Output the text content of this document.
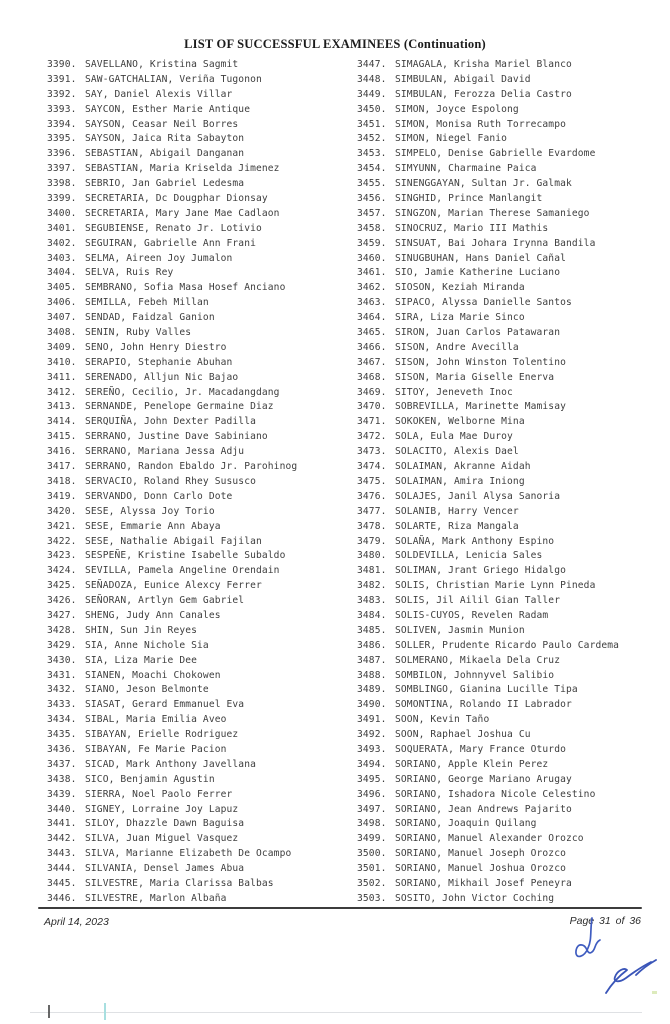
LIST OF SUCCESSFUL EXAMINEES (Continuation)
3390. SAVELLANO, Kristina Sagmit
3391. SAW-GATCHALIAN, Veriña Tugonon
3392. SAY, Daniel Alexis Villar
3393. SAYCON, Esther Marie Antique
3394. SAYSON, Ceasar Neil Borres
3395. SAYSON, Jaica Rita Sabayton
3396. SEBASTIAN, Abigail Danganan
3397. SEBASTIAN, Maria Kriselda Jimenez
3398. SEBRIO, Jan Gabriel Ledesma
3399. SECRETARIA, Dc Dougphar Dionsay
3400. SECRETARIA, Mary Jane Mae Cadlaon
3401. SEGUBIENSE, Renato Jr. Lotivio
3402. SEGUIRAN, Gabrielle Ann Frani
3403. SELMA, Aireen Joy Jumalon
3404. SELVA, Ruis Rey
3405. SEMBRANO, Sofia Masa Hosef Anciano
3406. SEMILLA, Febeh Millan
3407. SENDAD, Faidzal Ganion
3408. SENIN, Ruby Valles
3409. SENO, John Henry Diestro
3410. SERAPIO, Stephanie Abuhan
3411. SERENADO, Alljun Nic Bajao
3412. SEREÑO, Cecilio, Jr. Macadangdang
3413. SERNANDE, Penelope Germaine Diaz
3414. SERQUIÑA, John Dexter Padilla
3415. SERRANO, Justine Dave Sabiniano
3416. SERRANO, Mariana Jessa Adju
3417. SERRANO, Randon Ebaldo Jr. Parohinog
3418. SERVACIO, Roland Rhey Sususco
3419. SERVANDO, Donn Carlo Dote
3420. SESE, Alyssa Joy Torio
3421. SESE, Emmarie Ann Abaya
3422. SESE, Nathalie Abigail Fajilan
3423. SESPEÑE, Kristine Isabelle Subaldo
3424. SEVILLA, Pamela Angeline Orendain
3425. SEÑADOZA, Eunice Alexcy Ferrer
3426. SEÑORAN, Artlyn Gem Gabriel
3427. SHENG, Judy Ann Canales
3428. SHIN, Sun Jin Reyes
3429. SIA, Anne Nichole Sia
3430. SIA, Liza Marie Dee
3431. SIANEN, Moachi Chokowen
3432. SIANO, Jeson Belmonte
3433. SIASAT, Gerard Emmanuel Eva
3434. SIBAL, Maria Emilia Aveo
3435. SIBAYAN, Erielle Rodriguez
3436. SIBAYAN, Fe Marie Pacion
3437. SICAD, Mark Anthony Javellana
3438. SICO, Benjamin Agustin
3439. SIERRA, Noel Paolo Ferrer
3440. SIGNEY, Lorraine Joy Lapuz
3441. SILOY, Dhazzle Dawn Baguisa
3442. SILVA, Juan Miguel Vasquez
3443. SILVA, Marianne Elizabeth De Ocampo
3444. SILVANIA, Densel James Abua
3445. SILVESTRE, Maria Clarissa Balbas
3446. SILVESTRE, Marlon Albaña
3447. SIMAGALA, Krisha Mariel Blanco
3448. SIMBULAN, Abigail David
3449. SIMBULAN, Ferozza Delia Castro
3450. SIMON, Joyce Espolong
3451. SIMON, Monisa Ruth Torrecampo
3452. SIMON, Niegel Fanio
3453. SIMPELO, Denise Gabrielle Evardome
3454. SIMYUNN, Charmaine Paica
3455. SINENGGAYAN, Sultan Jr. Galmak
3456. SINGHID, Prince Manlangit
3457. SINGZON, Marian Therese Samaniego
3458. SINOCRUZ, Mario III Mathis
3459. SINSUAT, Bai Johara Irynna Bandila
3460. SINUGBUHAN, Hans Daniel Cañal
3461. SIO, Jamie Katherine Luciano
3462. SIOSON, Keziah Miranda
3463. SIPACO, Alyssa Danielle Santos
3464. SIRA, Liza Marie Sinco
3465. SIRON, Juan Carlos Patawaran
3466. SISON, Andre Avecilla
3467. SISON, John Winston Tolentino
3468. SISON, Maria Giselle Enerva
3469. SITOY, Jeneveth Inoc
3470. SOBREVILLA, Marinette Mamisay
3471. SOKOKEN, Welborne Mina
3472. SOLA, Eula Mae Duroy
3473. SOLACITO, Alexis Dael
3474. SOLAIMAN, Akranne Aidah
3475. SOLAIMAN, Amira Iniong
3476. SOLAJES, Janil Alysa Sanoria
3477. SOLANIB, Harry Vencer
3478. SOLARTE, Riza Mangala
3479. SOLAÑA, Mark Anthony Espino
3480. SOLDEVILLA, Lenicia Sales
3481. SOLIMAN, Jrant Griego Hidalgo
3482. SOLIS, Christian Marie Lynn Pineda
3483. SOLIS, Jil Ailil Gian Taller
3484. SOLIS-CUYOS, Revelen Radam
3485. SOLIVEN, Jasmin Munion
3486. SOLLER, Prudente Ricardo Paulo Cardema
3487. SOLMERANO, Mikaela Dela Cruz
3488. SOMBILON, Johnnyvel Salibio
3489. SOMBLINGO, Gianina Lucille Tipa
3490. SOMONTINA, Rolando II Labrador
3491. SOON, Kevin Taño
3492. SOON, Raphael Joshua Cu
3493. SOQUERATA, Mary France Oturdo
3494. SORIANO, Apple Klein Perez
3495. SORIANO, George Mariano Arugay
3496. SORIANO, Ishadora Nicole Celestino
3497. SORIANO, Jean Andrews Pajarito
3498. SORIANO, Joaquin Quilang
3499. SORIANO, Manuel Alexander Orozco
3500. SORIANO, Manuel Joseph Orozco
3501. SORIANO, Manuel Joshua Orozco
3502. SORIANO, Mikhail Josef Peneyra
3503. SOSITO, John Victor Coching
April 14, 2023	Page 31 of 36
